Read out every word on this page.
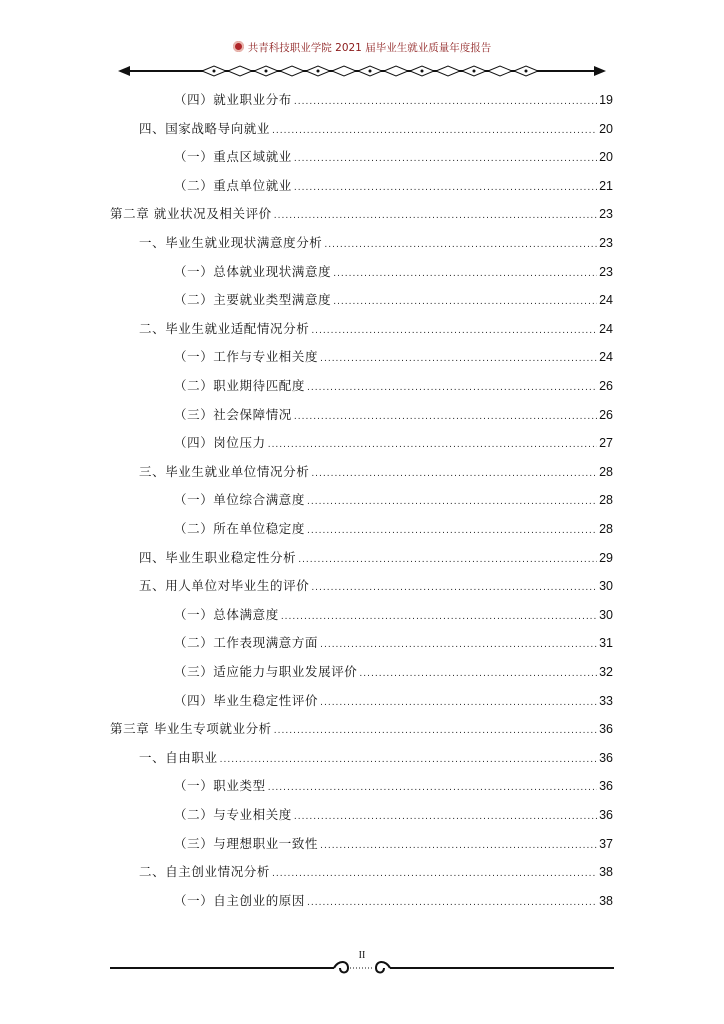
共青科技职业学院 2021 届毕业生就业质量年度报告
（四）就业职业分布 .....	19
四、国家战略导向就业 .....	20
（一）重点区域就业 .....	20
（二）重点单位就业 .....	21
第二章 就业状况及相关评价 .....	23
一、毕业生就业现状满意度分析 .....	23
（一）总体就业现状满意度 .....	23
（二）主要就业类型满意度 .....	24
二、毕业生就业适配情况分析 .....	24
（一）工作与专业相关度 .....	24
（二）职业期待匹配度 .....	26
（三）社会保障情况 .....	26
（四）岗位压力 .....	27
三、毕业生就业单位情况分析 .....	28
（一）单位综合满意度 .....	28
（二）所在单位稳定度 .....	28
四、毕业生职业稳定性分析 .....	29
五、用人单位对毕业生的评价 .....	30
（一）总体满意度 .....	30
（二）工作表现满意方面 .....	31
（三）适应能力与职业发展评价 .....	32
（四）毕业生稳定性评价 .....	33
第三章 毕业生专项就业分析 .....	36
一、自由职业 .....	36
（一）职业类型 .....	36
（二）与专业相关度 .....	36
（三）与理想职业一致性 .....	37
二、自主创业情况分析 .....	38
（一）自主创业的原因 .....	38
II
